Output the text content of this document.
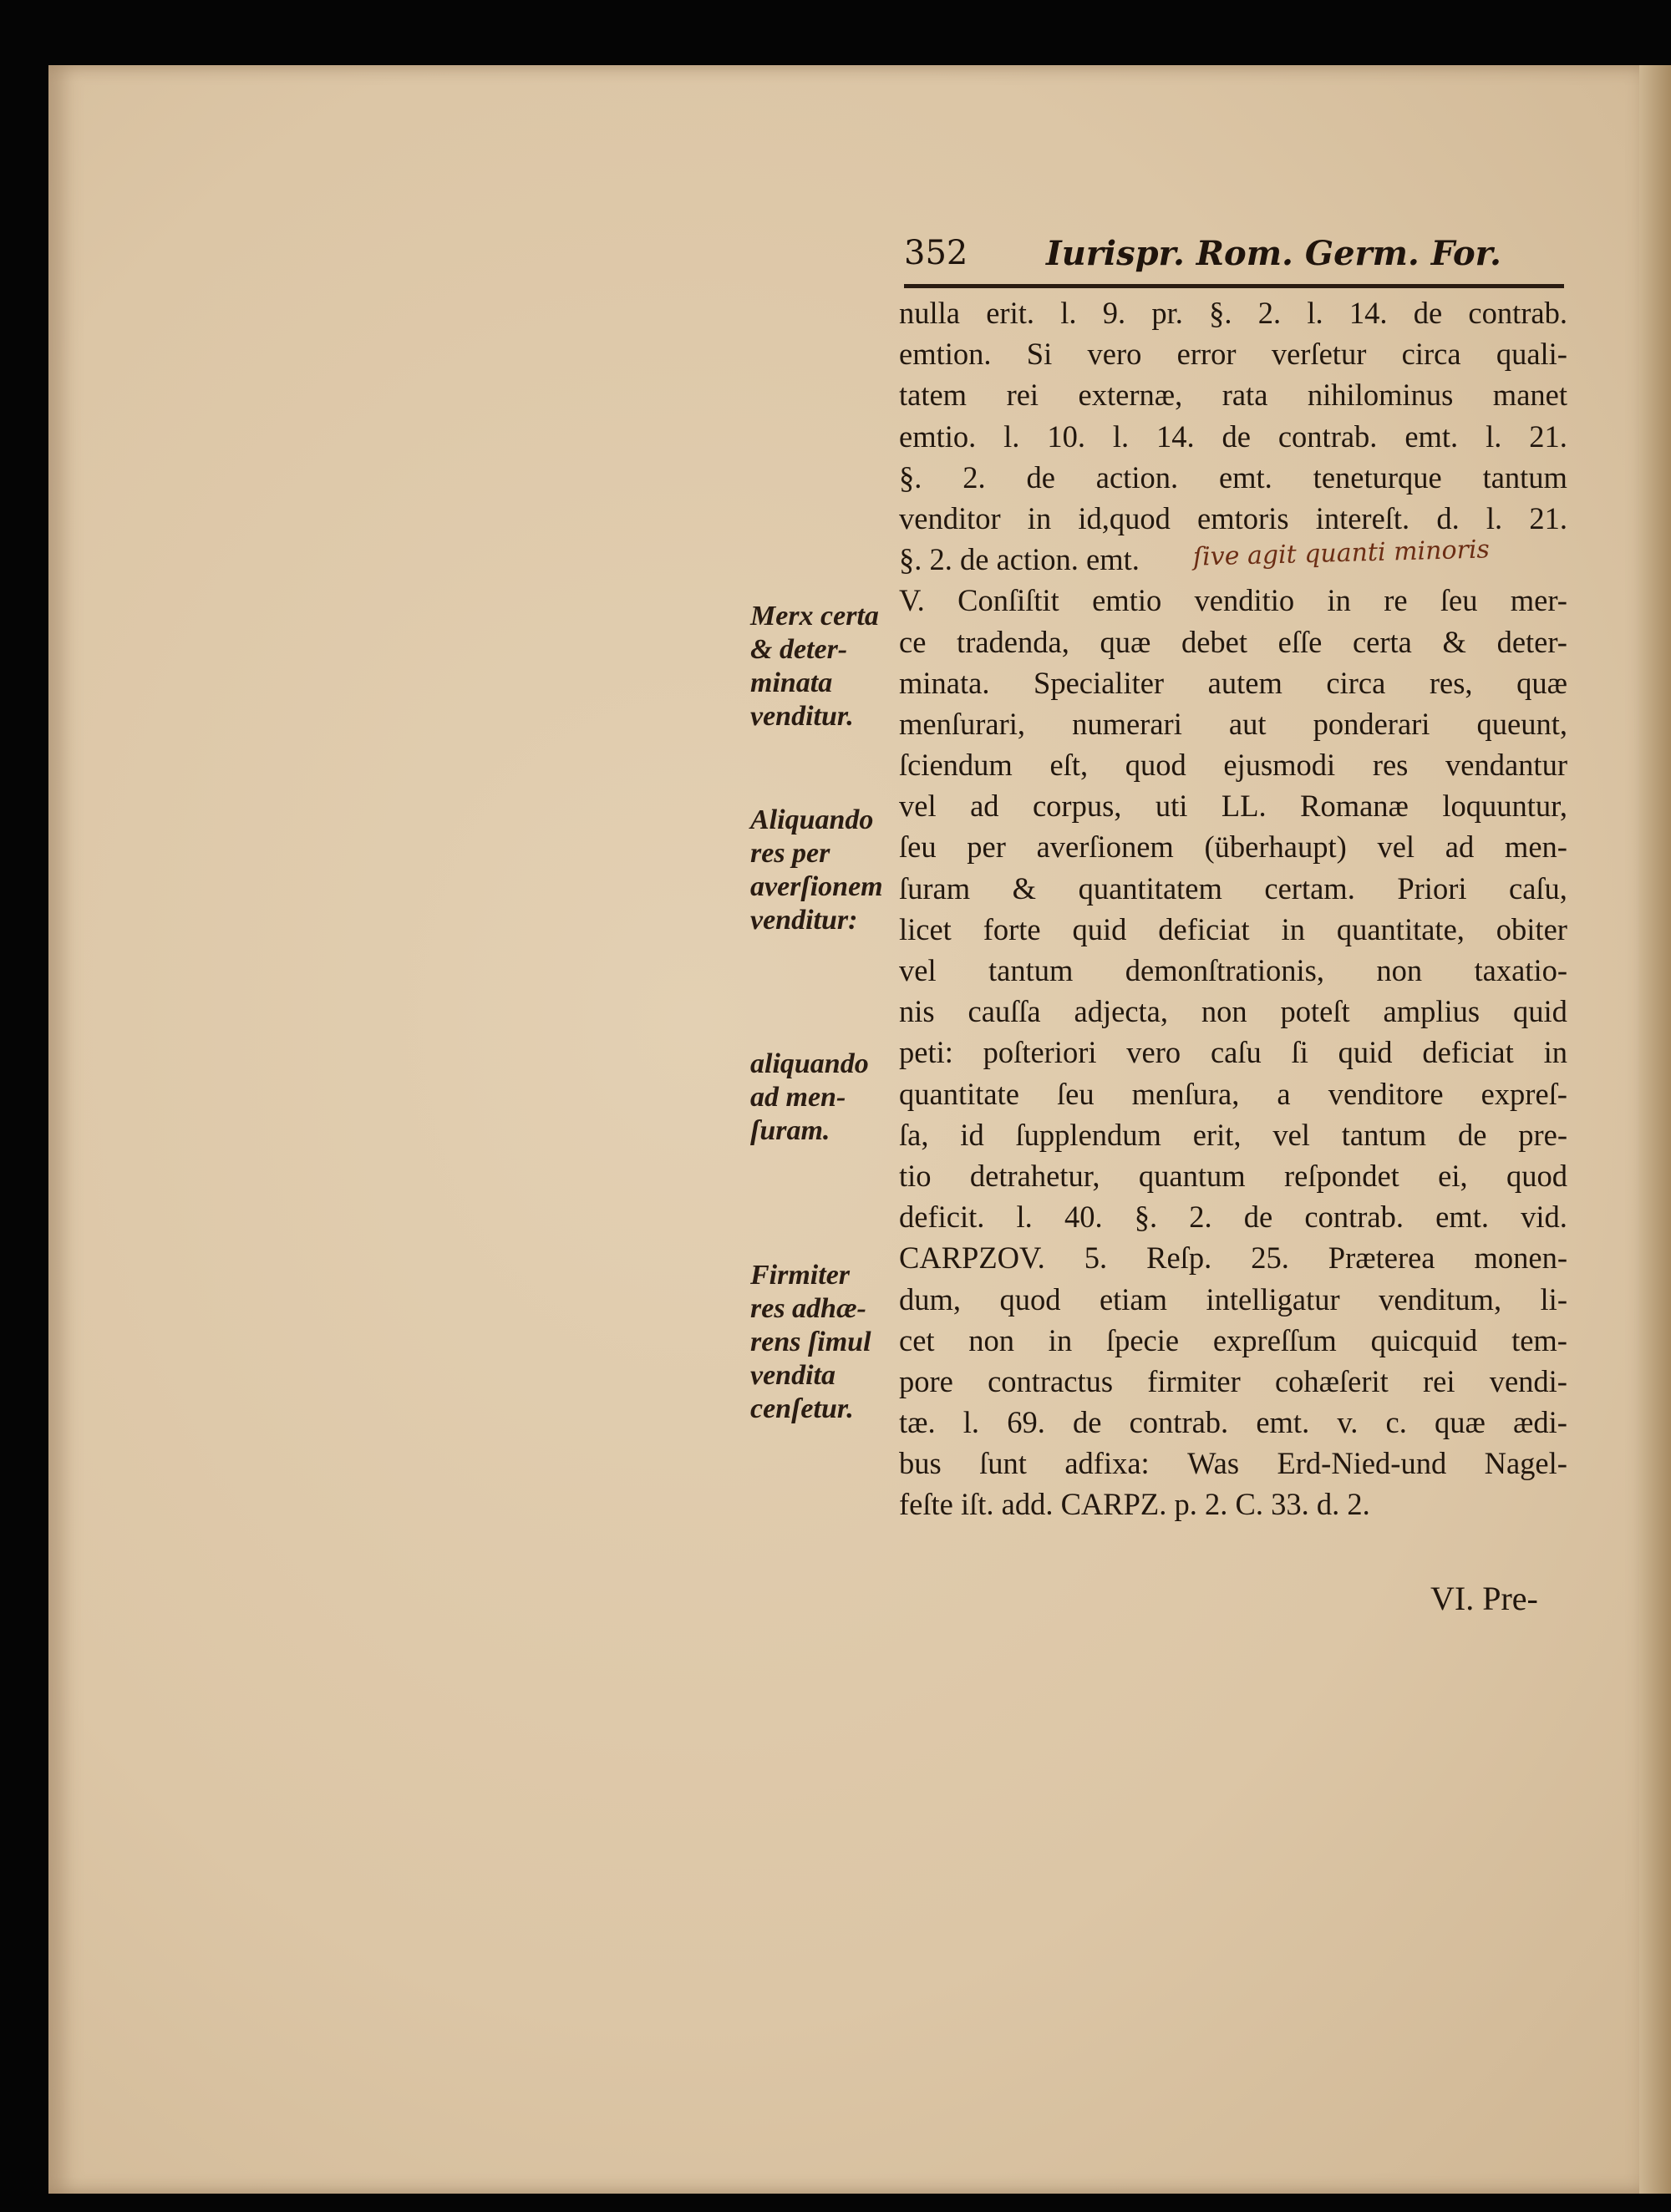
352 Iurispr. Rom. Germ. For.
nulla erit. l. 9. pr. §. 2. l. 14. de contrab.
emtion. Si vero error verſetur circa quali-
tatem rei externæ, rata nihilominus manet
emtio. l. 10. l. 14. de contrab. emt. l. 21.
§. 2. de action. emt. teneturque tantum
venditor in id,quod emtoris intereſt. d. l. 21.
§. 2. de action. emt.
V. Conſiſtit emtio venditio in re ſeu mer-
ce tradenda, quæ debet eſſe certa & deter-
minata. Specialiter autem circa res, quæ
menſurari, numerari aut ponderari queunt,
ſciendum eſt, quod ejusmodi res vendantur
vel ad corpus, uti LL. Romanæ loquuntur,
ſeu per averſionem (überhaupt) vel ad men-
ſuram & quantitatem certam. Priori caſu,
licet forte quid deficiat in quantitate, obiter
vel tantum demonſtrationis, non taxatio-
nis cauſſa adjecta, non poteſt amplius quid
peti: poſteriori vero caſu ſi quid deficiat in
quantitate ſeu menſura, a venditore expreſ-
ſa, id ſupplendum erit, vel tantum de pre-
tio detrahetur, quantum reſpondet ei, quod
deficit. l. 40. §. 2. de contrab. emt. vid.
CARPZOV. 5. Reſp. 25. Præterea monen-
dum, quod etiam intelligatur venditum, li-
cet non in ſpecie expreſſum quicquid tem-
pore contractus firmiter cohæſerit rei vendi-
tæ. l. 69. de contrab. emt. v. c. quæ ædi-
bus ſunt adfixa: Was Erd-Nied-und Nagel-
feſte iſt. add. CARPZ. p. 2. C. 33. d. 2.
Merx certa
& deter-
minata
venditur.
Aliquando
res per
averſionem
venditur:
aliquando
ad men-
ſuram.
Firmiter
res adhæ-
rens ſimul
vendita
cenſetur.
ſive agit quanti minoris
VI. Pre-
